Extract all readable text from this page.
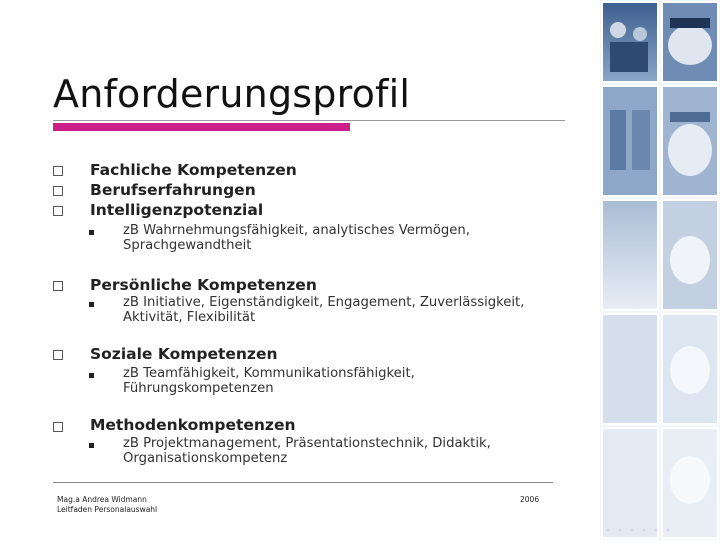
Anforderungsprofil
Fachliche Kompetenzen
Berufserfahrungen
Intelligenzpotenzial
zB Wahrnehmungsfähigkeit, analytisches Vermögen,
Sprachgewandtheit
Persönliche Kompetenzen
zB Initiative, Eigenständigkeit, Engagement, Zuverlässigkeit,
Aktivität, Flexibilität
Soziale Kompetenzen
zB Teamfähigkeit, Kommunikationsfähigkeit,
Führungskompetenzen
Methodenkompetenzen
zB Projektmanagement, Präsentationstechnik, Didaktik,
Organisationskompetenz
Mag.a Andrea Widmann
Leitfaden Personalauswahl
2006
